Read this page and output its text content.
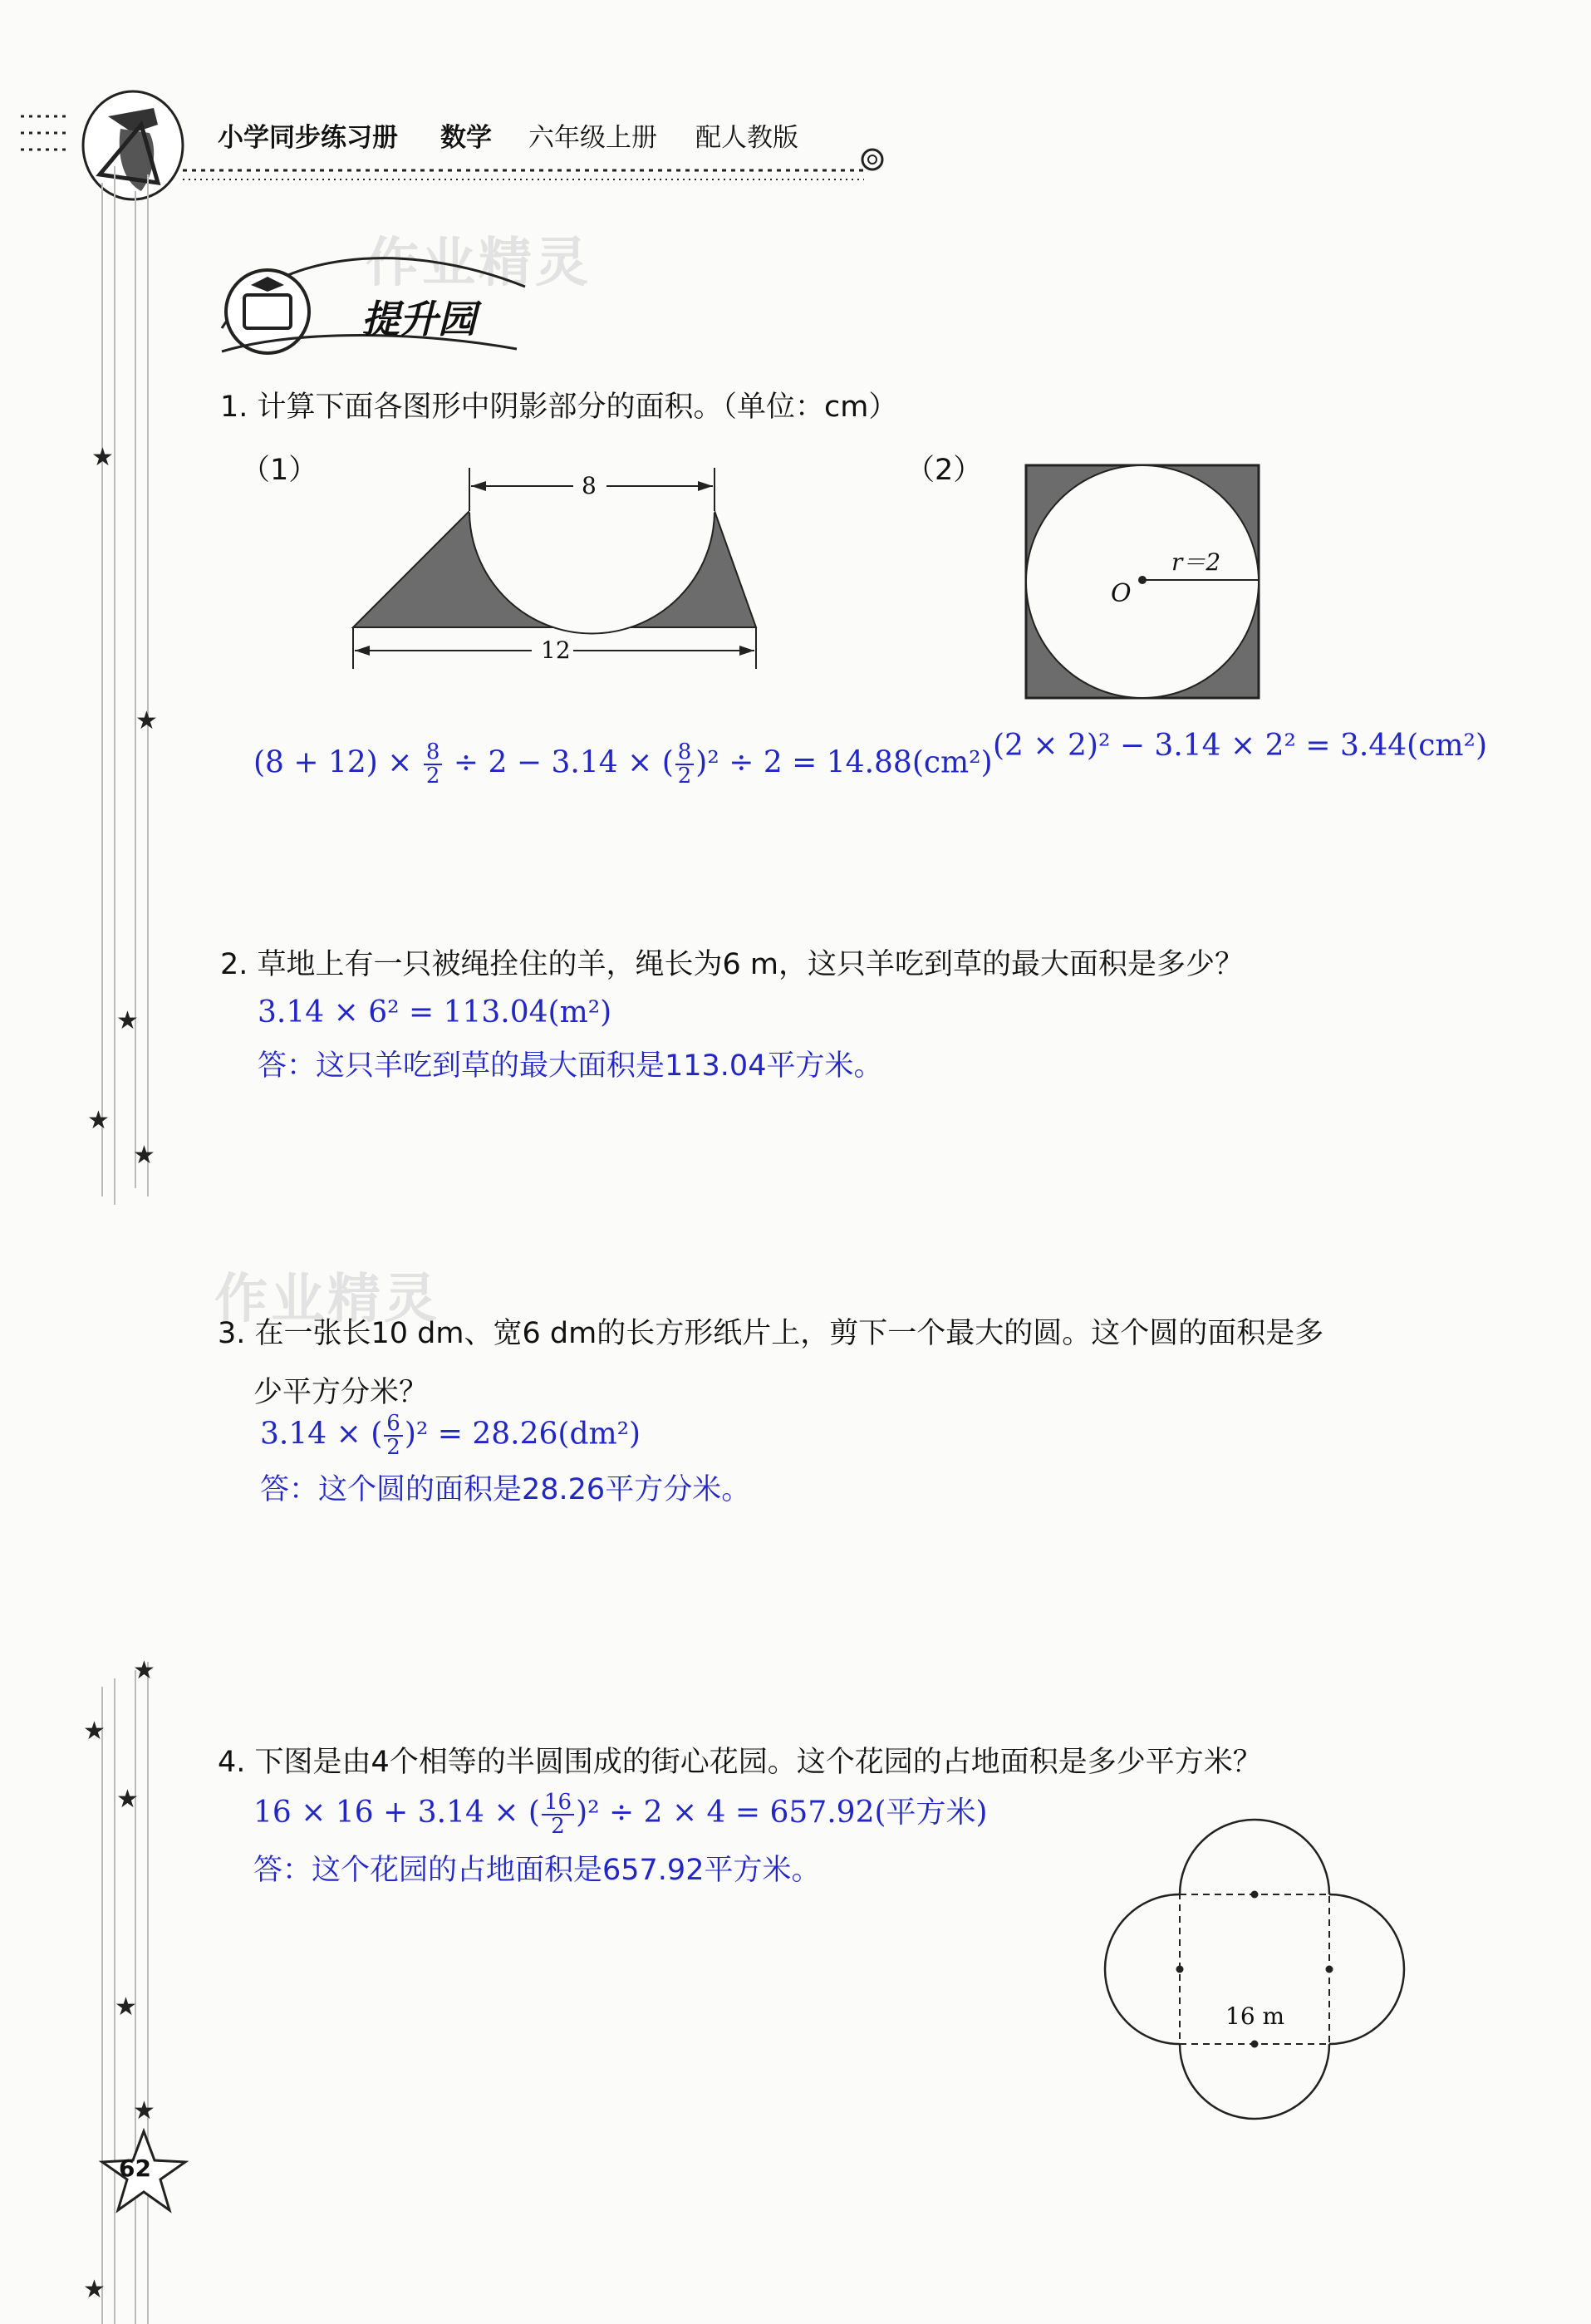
小学同步练习册 数学 六年级上册 配人教版
★
★
★
★
★
★
★
★
★
★
★
62
作业精灵
作业精灵
提升园
1. 计算下面各图形中阴影部分的面积。（单位：cm）
（1）	（2）
8
12
r＝2
O
$(8 + 12) \times \frac{8}{2} \div 2 - 3.14$ × ( $\frac{8}{2} )^2 \div 2 = 14.88(cm^2)$ (2 × 2)² − 3.14 × 2² = 3.44(cm²)
2. 草地上有一只被绳拴住的羊，绳长为6 m，这只羊吃到草的最大面积是多少？
3.14 × 6² = 113.04(m²)
答：这只羊吃到草的最大面积是113.04平方米。
3. 在一张长10 dm、宽6 dm的长方形纸片上，剪下一个最大的圆。这个圆的面积是多
少平方分米？
3.14 × ( $\frac{6}{2} )^2 = 28.26(dm^2)$
答：这个圆的面积是28.26平方分米。
4. 下图是由4个相等的半圆围成的街心花园。这个花园的占地面积是多少平方米？
16 × 16 + 3.14 × ( $\frac{16}{2} )^2 \div 2 \times 4 = 657.92$(平方米)
答：这个花园的占地面积是657.92平方米。
16 m
